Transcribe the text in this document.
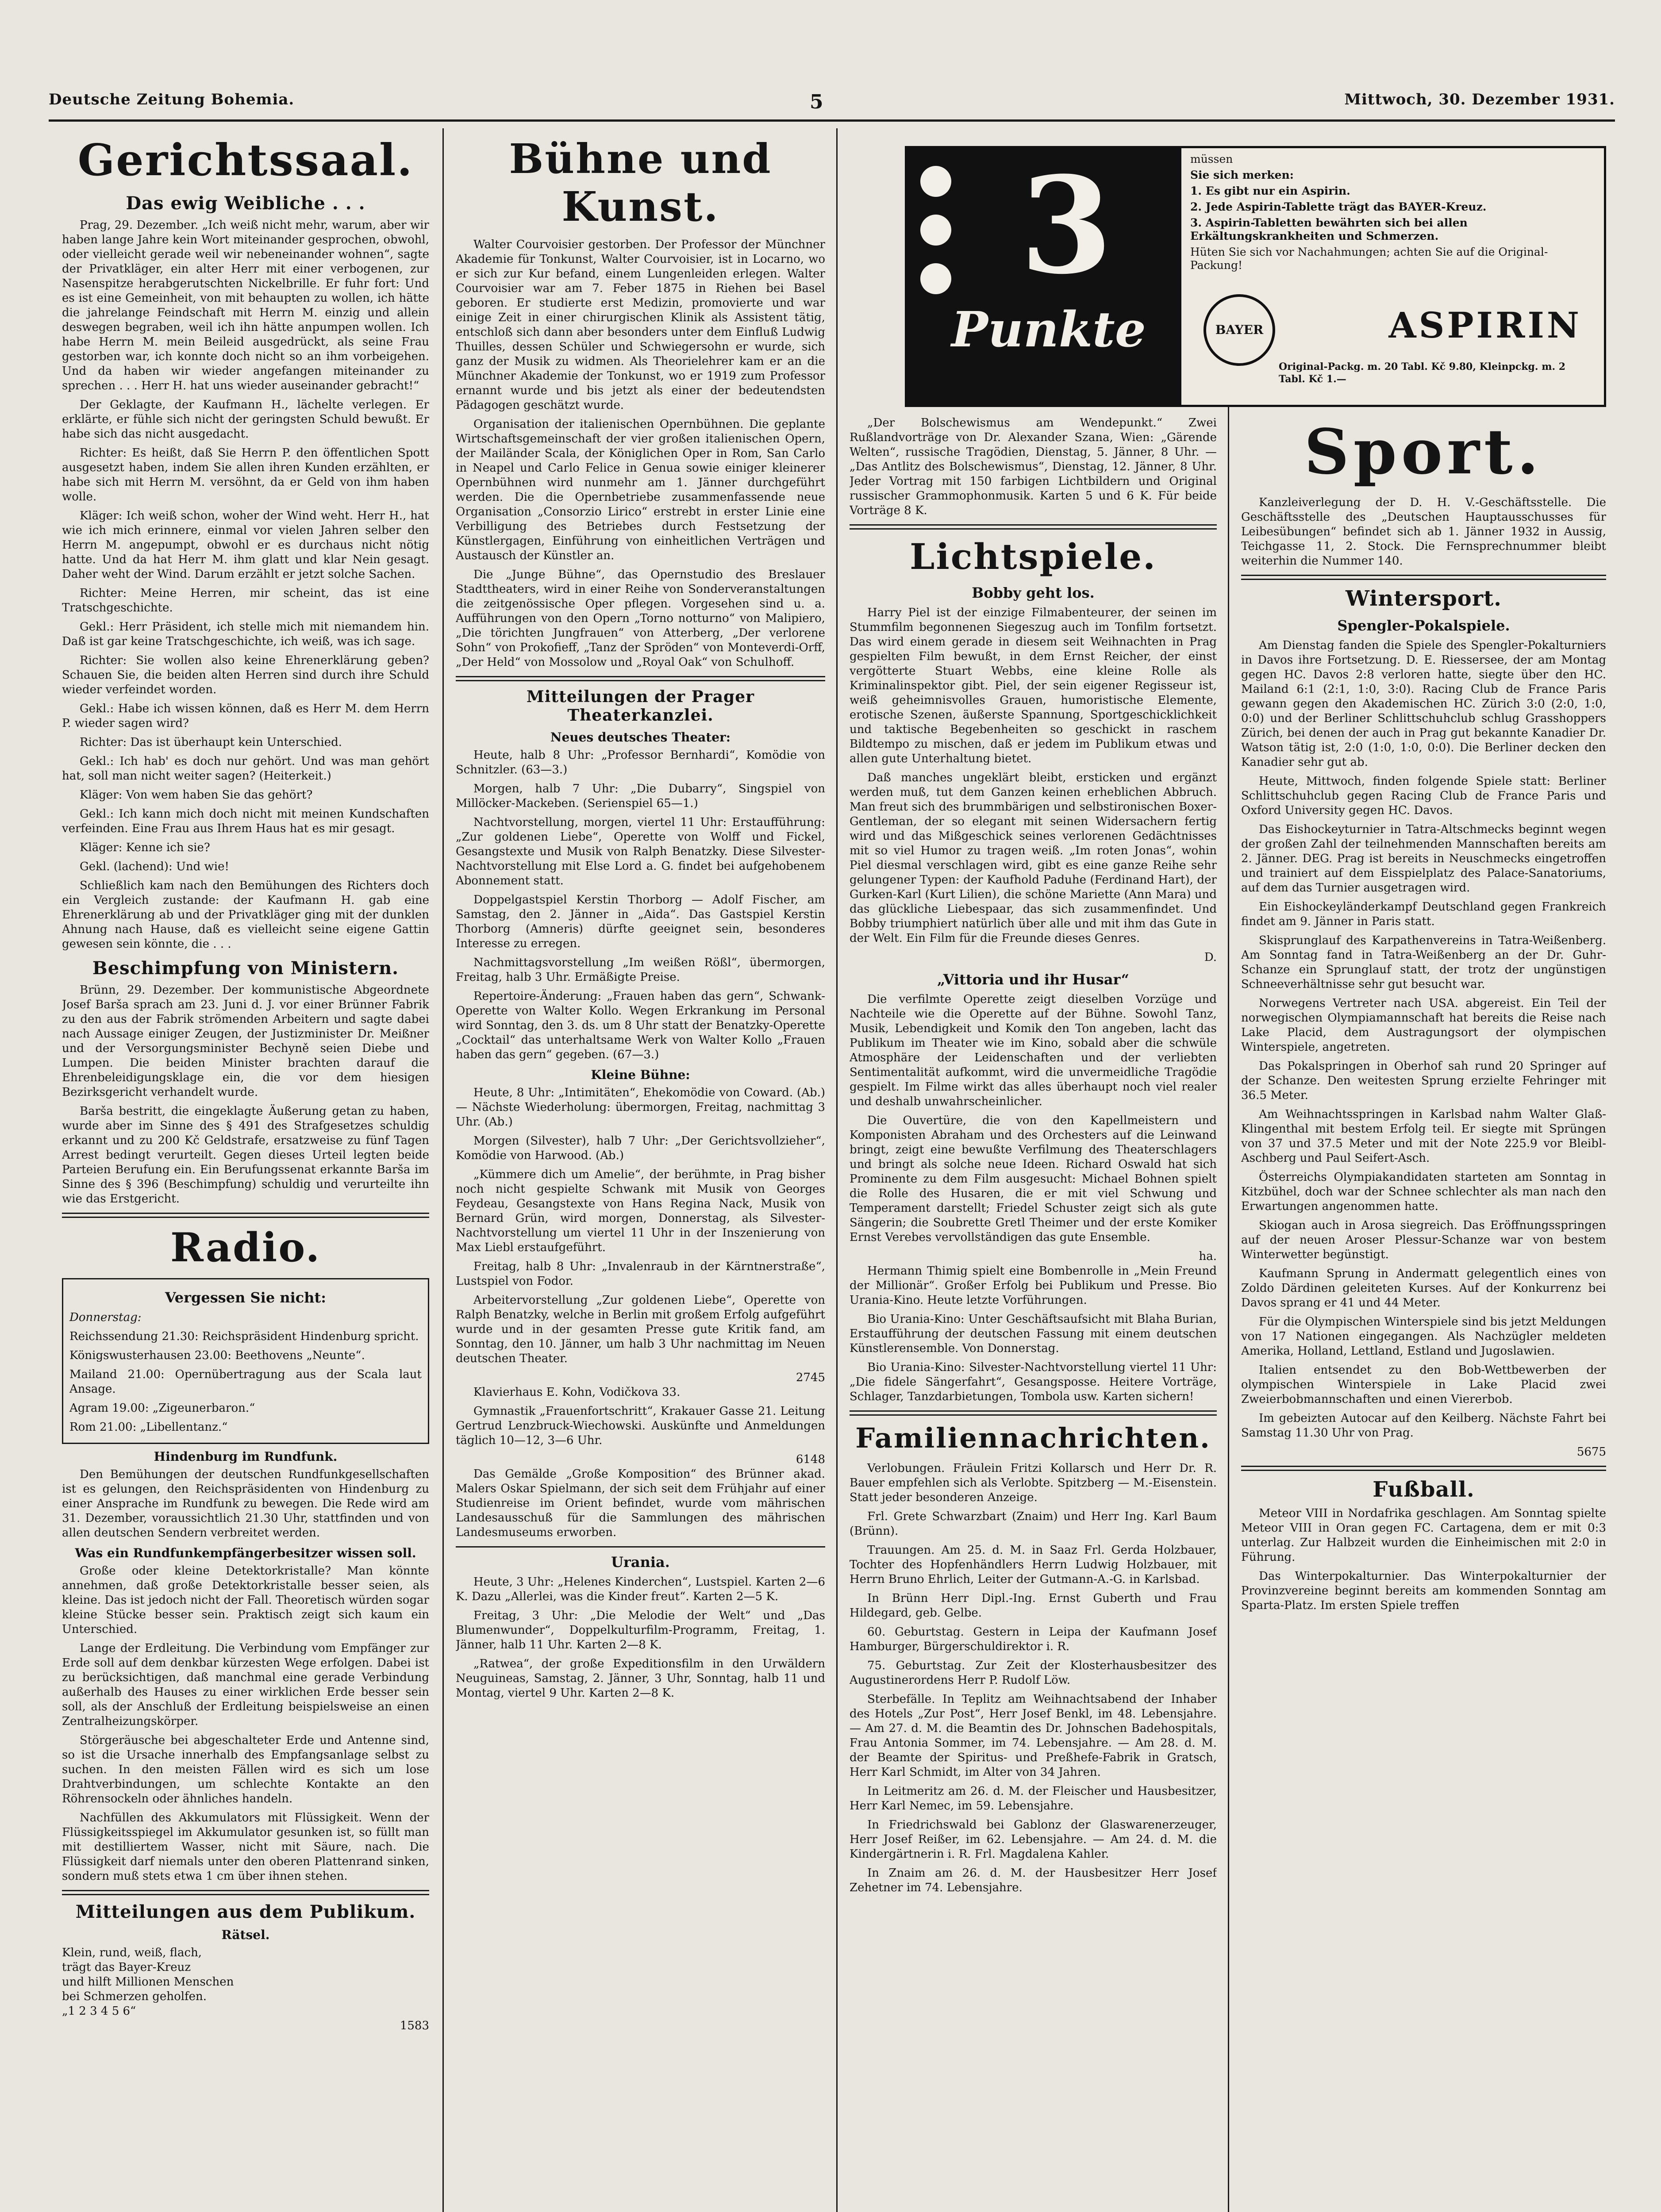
Deutsche Zeitung Bohemia.	5	Mittwoch, 30. Dezember 1931.
Gerichtssaal.
Das ewig Weibliche . . .

Prag, 29. Dezember. „Ich weiß nicht mehr, warum, aber wir haben lange Jahre kein Wort miteinander gesprochen, obwohl, oder vielleicht gerade weil wir nebeneinander wohnen“, sagte der Privatkläger, ein alter Herr mit einer verbogenen, zur Nasenspitze herabgerutschten Nickelbrille. Er fuhr fort: Und es ist eine Gemeinheit, von mit behaupten zu wollen, ich hätte die jahrelange Feindschaft mit Herrn M. einzig und allein deswegen begraben, weil ich ihn hätte anpumpen wollen. Ich habe Herrn M. mein Beileid ausgedrückt, als seine Frau gestorben war, ich konnte doch nicht so an ihm vorbeigehen. Und da haben wir wieder angefangen miteinander zu sprechen . . . Herr H. hat uns wieder auseinander gebracht!“

Der Geklagte, der Kaufmann H., lächelte verlegen. Er erklärte, er fühle sich nicht der geringsten Schuld bewußt. Er habe sich das nicht ausgedacht.

Richter: Es heißt, daß Sie Herrn P. den öffentlichen Spott ausgesetzt haben, indem Sie allen ihren Kunden erzählten, er habe sich mit Herrn M. versöhnt, da er Geld von ihm haben wolle.

Kläger: Ich weiß schon, woher der Wind weht. Herr H., hat wie ich mich erinnere, einmal vor vielen Jahren selber den Herrn M. angepumpt, obwohl er es durchaus nicht nötig hatte. Und da hat Herr M. ihm glatt und klar Nein gesagt. Daher weht der Wind. Darum erzählt er jetzt solche Sachen.

Richter: Meine Herren, mir scheint, das ist eine Tratschgeschichte.

Gekl.: Herr Präsident, ich stelle mich mit niemandem hin. Daß ist gar keine Tratschgeschichte, ich weiß, was ich sage.

Richter: Sie wollen also keine Ehrenerklärung geben? Schauen Sie, die beiden alten Herren sind durch ihre Schuld wieder verfeindet worden.

Gekl.: Habe ich wissen können, daß es Herr M. dem Herrn P. wieder sagen wird?

Richter: Das ist überhaupt kein Unterschied.

Gekl.: Ich hab' es doch nur gehört. Und was man gehört hat, soll man nicht weiter sagen? (Heiterkeit.)

Kläger: Von wem haben Sie das gehört?

Gekl.: Ich kann mich doch nicht mit meinen Kundschaften verfeinden. Eine Frau aus Ihrem Haus hat es mir gesagt.

Kläger: Kenne ich sie?

Gekl. (lachend): Und wie!

Schließlich kam nach den Bemühungen des Richters doch ein Vergleich zustande: der Kaufmann H. gab eine Ehrenerklärung ab und der Privatkläger ging mit der dunklen Ahnung nach Hause, daß es vielleicht seine eigene Gattin gewesen sein könnte, die . . .

Beschimpfung von Ministern.

Brünn, 29. Dezember. Der kommunistische Abgeordnete Josef Barša sprach am 23. Juni d. J. vor einer Brünner Fabrik zu den aus der Fabrik strömenden Arbeitern und sagte dabei nach Aussage einiger Zeugen, der Justizminister Dr. Meißner und der Versorgungsminister Bechyně seien Diebe und Lumpen. Die beiden Minister brachten darauf die Ehrenbeleidigungsklage ein, die vor dem hiesigen Bezirksgericht verhandelt wurde.

Barša bestritt, die eingeklagte Äußerung getan zu haben, wurde aber im Sinne des § 491 des Strafgesetzes schuldig erkannt und zu 200 Kč Geldstrafe, ersatzweise zu fünf Tagen Arrest bedingt verurteilt. Gegen dieses Urteil legten beide Parteien Berufung ein. Ein Berufungssenat erkannte Barša im Sinne des § 396 (Beschimpfung) schuldig und verurteilte ihn wie das Erstgericht.

Radio.
Vergessen Sie nicht:

Donnerstag:

Reichssendung 21.30: Reichspräsident Hindenburg spricht.

Königswusterhausen 23.00: Beethovens „Neunte“.

Mailand 21.00: Opernübertragung aus der Scala laut Ansage.

Agram 19.00: „Zigeunerbaron.“

Rom 21.00: „Libellentanz.“

Hindenburg im Rundfunk.

Den Bemühungen der deutschen Rundfunkgesellschaften ist es gelungen, den Reichspräsidenten von Hindenburg zu einer Ansprache im Rundfunk zu bewegen. Die Rede wird am 31. Dezember, voraussichtlich 21.30 Uhr, stattfinden und von allen deutschen Sendern verbreitet werden.

Was ein Rundfunkempfängerbesitzer wissen soll.

Große oder kleine Detektorkristalle? Man könnte annehmen, daß große Detektorkristalle besser seien, als kleine. Das ist jedoch nicht der Fall. Theoretisch würden sogar kleine Stücke besser sein. Praktisch zeigt sich kaum ein Unterschied.

Lange der Erdleitung. Die Verbindung vom Empfänger zur Erde soll auf dem denkbar kürzesten Wege erfolgen. Dabei ist zu berücksichtigen, daß manchmal eine gerade Verbindung außerhalb des Hauses zu einer wirklichen Erde besser sein soll, als der Anschluß der Erdleitung beispielsweise an einen Zentralheizungskörper.

Störgeräusche bei abgeschalteter Erde und Antenne sind, so ist die Ursache innerhalb des Empfangsanlage selbst zu suchen. In den meisten Fällen wird es sich um lose Drahtverbindungen, um schlechte Kontakte an den Röhrensockeln oder ähnliches handeln.

Nachfüllen des Akkumulators mit Flüssigkeit. Wenn der Flüssigkeitsspiegel im Akkumulator gesunken ist, so füllt man mit destilliertem Wasser, nicht mit Säure, nach. Die Flüssigkeit darf niemals unter den oberen Plattenrand sinken, sondern muß stets etwa 1 cm über ihnen stehen.

Mitteilungen aus dem Publikum.
Rätsel.

Klein, rund, weiß, flach,

trägt das Bayer-Kreuz

und hilft Millionen Menschen

bei Schmerzen geholfen.

„1 2 3 4 5 6“

1583

Bühne und Kunst.

Walter Courvoisier gestorben. Der Professor der Münchner Akademie für Tonkunst, Walter Courvoisier, ist in Locarno, wo er sich zur Kur befand, einem Lungenleiden erlegen. Walter Courvoisier war am 7. Feber 1875 in Riehen bei Basel geboren. Er studierte erst Medizin, promovierte und war einige Zeit in einer chirurgischen Klinik als Assistent tätig, entschloß sich dann aber besonders unter dem Einfluß Ludwig Thuilles, dessen Schüler und Schwiegersohn er wurde, sich ganz der Musik zu widmen. Als Theorielehrer kam er an die Münchner Akademie der Tonkunst, wo er 1919 zum Professor ernannt wurde und bis jetzt als einer der bedeutendsten Pädagogen geschätzt wurde.

Organisation der italienischen Opernbühnen. Die geplante Wirtschaftsgemeinschaft der vier großen italienischen Opern, der Mailänder Scala, der Königlichen Oper in Rom, San Carlo in Neapel und Carlo Felice in Genua sowie einiger kleinerer Opernbühnen wird nunmehr am 1. Jänner durchgeführt werden. Die die Opernbetriebe zusammenfassende neue Organisation „Consorzio Lirico“ erstrebt in erster Linie eine Verbilligung des Betriebes durch Festsetzung der Künstlergagen, Einführung von einheitlichen Verträgen und Austausch der Künstler an.

Die „Junge Bühne“, das Opernstudio des Breslauer Stadttheaters, wird in einer Reihe von Sonderveranstaltungen die zeitgenössische Oper pflegen. Vorgesehen sind u. a. Aufführungen von den Opern „Torno notturno“ von Malipiero, „Die törichten Jungfrauen“ von Atterberg, „Der verlorene Sohn“ von Prokofieff, „Tanz der Spröden“ von Monteverdi-Orff, „Der Held“ von Mossolow und „Royal Oak“ von Schulhoff.

Mitteilungen der Prager Theaterkanzlei.
Neues deutsches Theater:

Heute, halb 8 Uhr: „Professor Bernhardi“, Komödie von Schnitzler. (63—3.)

Morgen, halb 7 Uhr: „Die Dubarry“, Singspiel von Millöcker-Mackeben. (Serienspiel 65—1.)

Nachtvorstellung, morgen, viertel 11 Uhr: Erstaufführung: „Zur goldenen Liebe“, Operette von Wolff und Fickel, Gesangstexte und Musik von Ralph Benatzky. Diese Silvester-Nachtvorstellung mit Else Lord a. G. findet bei aufgehobenem Abonnement statt.

Doppelgastspiel Kerstin Thorborg — Adolf Fischer, am Samstag, den 2. Jänner in „Aida“. Das Gastspiel Kerstin Thorborg (Amneris) dürfte geeignet sein, besonderes Interesse zu erregen.

Nachmittagsvorstellung „Im weißen Rößl“, übermorgen, Freitag, halb 3 Uhr. Ermäßigte Preise.

Repertoire-Änderung: „Frauen haben das gern“, Schwank-Operette von Walter Kollo. Wegen Erkrankung im Personal wird Sonntag, den 3. ds. um 8 Uhr statt der Benatzky-Operette „Cocktail“ das unterhaltsame Werk von Walter Kollo „Frauen haben das gern“ gegeben. (67—3.)

Kleine Bühne:

Heute, 8 Uhr: „Intimitäten“, Ehekomödie von Coward. (Ab.) — Nächste Wiederholung: übermorgen, Freitag, nachmittag 3 Uhr. (Ab.)

Morgen (Silvester), halb 7 Uhr: „Der Gerichtsvollzieher“, Komödie von Harwood. (Ab.)

„Kümmere dich um Amelie“, der berühmte, in Prag bisher noch nicht gespielte Schwank mit Musik von Georges Feydeau, Gesangstexte von Hans Regina Nack, Musik von Bernard Grün, wird morgen, Donnerstag, als Silvester-Nachtvorstellung um viertel 11 Uhr in der Inszenierung von Max Liebl erstaufgeführt.

Freitag, halb 8 Uhr: „Invalenraub in der Kärntnerstraße“, Lustspiel von Fodor.

Arbeitervorstellung „Zur goldenen Liebe“, Operette von Ralph Benatzky, welche in Berlin mit großem Erfolg aufgeführt wurde und in der gesamten Presse gute Kritik fand, am Sonntag, den 10. Jänner, um halb 3 Uhr nachmittag im Neuen deutschen Theater.

2745

Klavierhaus E. Kohn, Vodičkova 33.

Gymnastik „Frauenfortschritt“, Krakauer Gasse 21. Leitung Gertrud Lenzbruck-Wiechowski. Auskünfte und Anmeldungen täglich 10—12, 3—6 Uhr.

6148

Das Gemälde „Große Komposition“ des Brünner akad. Malers Oskar Spielmann, der sich seit dem Frühjahr auf einer Studienreise im Orient befindet, wurde vom mährischen Landesausschuß für die Sammlungen des mährischen Landesmuseums erworben.

Urania.

Heute, 3 Uhr: „Helenes Kinderchen“, Lustspiel. Karten 2—6 K. Dazu „Allerlei, was die Kinder freut“. Karten 2—5 K.

Freitag, 3 Uhr: „Die Melodie der Welt“ und „Das Blumenwunder“, Doppelkulturfilm-Programm, Freitag, 1. Jänner, halb 11 Uhr. Karten 2—8 K.

„Ratwea“, der große Expeditionsfilm in den Urwäldern Neuguineas, Samstag, 2. Jänner, 3 Uhr, Sonntag, halb 11 und Montag, viertel 9 Uhr. Karten 2—8 K.

3
Punkte

müssen

Sie sich merken:

1. Es gibt nur ein Aspirin.

2. Jede Aspirin-Tablette trägt das BAYER-Kreuz.

3. Aspirin-Tabletten bewährten sich bei allen Erkältungskrankheiten und Schmerzen.

Hüten Sie sich vor Nachahmungen; achten Sie auf die Original-Packung!

BAYER	ASPIRIN
Original-Packg. m. 20 Tabl. Kč 9.80, Kleinpckg. m. 2 Tabl. Kč 1.—

„Der Bolschewismus am Wendepunkt.“ Zwei Rußlandvorträge von Dr. Alexander Szana, Wien: „Gärende Welten“, russische Tragödien, Dienstag, 5. Jänner, 8 Uhr. — „Das Antlitz des Bolschewismus“, Dienstag, 12. Jänner, 8 Uhr. Jeder Vortrag mit 150 farbigen Lichtbildern und Original russischer Grammophonmusik. Karten 5 und 6 K. Für beide Vorträge 8 K.

Lichtspiele.
Bobby geht los.

Harry Piel ist der einzige Filmabenteurer, der seinen im Stummfilm begonnenen Siegeszug auch im Tonfilm fortsetzt. Das wird einem gerade in diesem seit Weihnachten in Prag gespielten Film bewußt, in dem Ernst Reicher, der einst vergötterte Stuart Webbs, eine kleine Rolle als Kriminalinspektor gibt. Piel, der sein eigener Regisseur ist, weiß geheimnisvolles Grauen, humoristische Elemente, erotische Szenen, äußerste Spannung, Sportgeschicklichkeit und taktische Begebenheiten so geschickt in raschem Bildtempo zu mischen, daß er jedem im Publikum etwas und allen gute Unterhaltung bietet.

Daß manches ungeklärt bleibt, ersticken und ergänzt werden muß, tut dem Ganzen keinen erheblichen Abbruch. Man freut sich des brummbärigen und selbstironischen Boxer-Gentleman, der so elegant mit seinen Widersachern fertig wird und das Mißgeschick seines verlorenen Gedächtnisses mit so viel Humor zu tragen weiß. „Im roten Jonas“, wohin Piel diesmal verschlagen wird, gibt es eine ganze Reihe sehr gelungener Typen: der Kaufhold Paduhe (Ferdinand Hart), der Gurken-Karl (Kurt Lilien), die schöne Mariette (Ann Mara) und das glückliche Liebespaar, das sich zusammenfindet. Und Bobby triumphiert natürlich über alle und mit ihm das Gute in der Welt. Ein Film für die Freunde dieses Genres.

D.

„Vittoria und ihr Husar“

Die verfilmte Operette zeigt dieselben Vorzüge und Nachteile wie die Operette auf der Bühne. Sowohl Tanz, Musik, Lebendigkeit und Komik den Ton angeben, lacht das Publikum im Theater wie im Kino, sobald aber die schwüle Atmosphäre der Leidenschaften und der verliebten Sentimentalität aufkommt, wird die unvermeidliche Tragödie gespielt. Im Filme wirkt das alles überhaupt noch viel realer und deshalb unwahrscheinlicher.

Die Ouvertüre, die von den Kapellmeistern und Komponisten Abraham und des Orchesters auf die Leinwand bringt, zeigt eine bewußte Verfilmung des Theaterschlagers und bringt als solche neue Ideen. Richard Oswald hat sich Prominente zu dem Film ausgesucht: Michael Bohnen spielt die Rolle des Husaren, die er mit viel Schwung und Temperament darstellt; Friedel Schuster zeigt sich als gute Sängerin; die Soubrette Gretl Theimer und der erste Komiker Ernst Verebes vervollständigen das gute Ensemble.

ha.

Hermann Thimig spielt eine Bombenrolle in „Mein Freund der Millionär“. Großer Erfolg bei Publikum und Presse. Bio Urania-Kino. Heute letzte Vorführungen.

Bio Urania-Kino: Unter Geschäftsaufsicht mit Blaha Burian, Erstaufführung der deutschen Fassung mit einem deutschen Künstlerensemble. Von Donnerstag.

Bio Urania-Kino: Silvester-Nachtvorstellung viertel 11 Uhr: „Die fidele Sängerfahrt“, Gesangsposse. Heitere Vorträge, Schlager, Tanzdarbietungen, Tombola usw. Karten sichern!

Familiennachrichten.

Verlobungen. Fräulein Fritzi Kollarsch und Herr Dr. R. Bauer empfehlen sich als Verlobte. Spitzberg — M.-Eisenstein. Statt jeder besonderen Anzeige.

Frl. Grete Schwarzbart (Znaim) und Herr Ing. Karl Baum (Brünn).

Trauungen. Am 25. d. M. in Saaz Frl. Gerda Holzbauer, Tochter des Hopfenhändlers Herrn Ludwig Holzbauer, mit Herrn Bruno Ehrlich, Leiter der Gutmann-A.-G. in Karlsbad.

In Brünn Herr Dipl.-Ing. Ernst Guberth und Frau Hildegard, geb. Gelbe.

60. Geburtstag. Gestern in Leipa der Kaufmann Josef Hamburger, Bürgerschuldirektor i. R.

75. Geburtstag. Zur Zeit der Klosterhausbesitzer des Augustinerordens Herr P. Rudolf Löw.

Sterbefälle. In Teplitz am Weihnachtsabend der Inhaber des Hotels „Zur Post“, Herr Josef Benkl, im 48. Lebensjahre. — Am 27. d. M. die Beamtin des Dr. Johnschen Badehospitals, Frau Antonia Sommer, im 74. Lebensjahre. — Am 28. d. M. der Beamte der Spiritus- und Preßhefe-Fabrik in Gratsch, Herr Karl Schmidt, im Alter von 34 Jahren.

In Leitmeritz am 26. d. M. der Fleischer und Hausbesitzer, Herr Karl Nemec, im 59. Lebensjahre.

In Friedrichswald bei Gablonz der Glaswarenerzeuger, Herr Josef Reißer, im 62. Lebensjahre. — Am 24. d. M. die Kindergärtnerin i. R. Frl. Magdalena Kahler.

In Znaim am 26. d. M. der Hausbesitzer Herr Josef Zehetner im 74. Lebensjahre.

Sport.

Kanzleiverlegung der D. H. V.-Geschäftsstelle. Die Geschäftsstelle des „Deutschen Hauptausschusses für Leibesübungen“ befindet sich ab 1. Jänner 1932 in Aussig, Teichgasse 11, 2. Stock. Die Fernsprechnummer bleibt weiterhin die Nummer 140.

Wintersport.
Spengler-Pokalspiele.

Am Dienstag fanden die Spiele des Spengler-Pokalturniers in Davos ihre Fortsetzung. D. E. Riessersee, der am Montag gegen HC. Davos 2:8 verloren hatte, siegte über den HC. Mailand 6:1 (2:1, 1:0, 3:0). Racing Club de France Paris gewann gegen den Akademischen HC. Zürich 3:0 (2:0, 1:0, 0:0) und der Berliner Schlittschuhclub schlug Grasshoppers Zürich, bei denen der auch in Prag gut bekannte Kanadier Dr. Watson tätig ist, 2:0 (1:0, 1:0, 0:0). Die Berliner decken den Kanadier sehr gut ab.

Heute, Mittwoch, finden folgende Spiele statt: Berliner Schlittschuhclub gegen Racing Club de France Paris und Oxford University gegen HC. Davos.

Das Eishockeyturnier in Tatra-Altschmecks beginnt wegen der großen Zahl der teilnehmenden Mannschaften bereits am 2. Jänner. DEG. Prag ist bereits in Neuschmecks eingetroffen und trainiert auf dem Eisspielplatz des Palace-Sanatoriums, auf dem das Turnier ausgetragen wird.

Ein Eishockeyländerkampf Deutschland gegen Frankreich findet am 9. Jänner in Paris statt.

Skisprunglauf des Karpathenvereins in Tatra-Weißenberg. Am Sonntag fand in Tatra-Weißenberg an der Dr. Guhr-Schanze ein Sprunglauf statt, der trotz der ungünstigen Schneeverhältnisse sehr gut besucht war.

Norwegens Vertreter nach USA. abgereist. Ein Teil der norwegischen Olympiamannschaft hat bereits die Reise nach Lake Placid, dem Austragungsort der olympischen Winterspiele, angetreten.

Das Pokalspringen in Oberhof sah rund 20 Springer auf der Schanze. Den weitesten Sprung erzielte Fehringer mit 36.5 Meter.

Am Weihnachtsspringen in Karlsbad nahm Walter Glaß-Klingenthal mit bestem Erfolg teil. Er siegte mit Sprüngen von 37 und 37.5 Meter und mit der Note 225.9 vor Bleibl-Aschberg und Paul Seifert-Asch.

Österreichs Olympiakandidaten starteten am Sonntag in Kitzbühel, doch war der Schnee schlechter als man nach den Erwartungen angenommen hatte.

Skiogan auch in Arosa siegreich. Das Eröffnungsspringen auf der neuen Aroser Plessur-Schanze war von bestem Winterwetter begünstigt.

Kaufmann Sprung in Andermatt gelegentlich eines von Zoldo Därdinen geleiteten Kurses. Auf der Konkurrenz bei Davos sprang er 41 und 44 Meter.

Für die Olympischen Winterspiele sind bis jetzt Meldungen von 17 Nationen eingegangen. Als Nachzügler meldeten Amerika, Holland, Lettland, Estland und Jugoslawien.

Italien entsendet zu den Bob-Wettbewerben der olympischen Winterspiele in Lake Placid zwei Zweierbobmannschaften und einen Viererbob.

Im gebeizten Autocar auf den Keilberg. Nächste Fahrt bei Samstag 11.30 Uhr von Prag.

5675

Fußball.

Meteor VIII in Nordafrika geschlagen. Am Sonntag spielte Meteor VIII in Oran gegen FC. Cartagena, dem er mit 0:3 unterlag. Zur Halbzeit wurden die Einheimischen mit 2:0 in Führung.

Das Winterpokalturnier. Das Winterpokalturnier der Provinzvereine beginnt bereits am kommenden Sonntag am Sparta-Platz. Im ersten Spiele treffen
